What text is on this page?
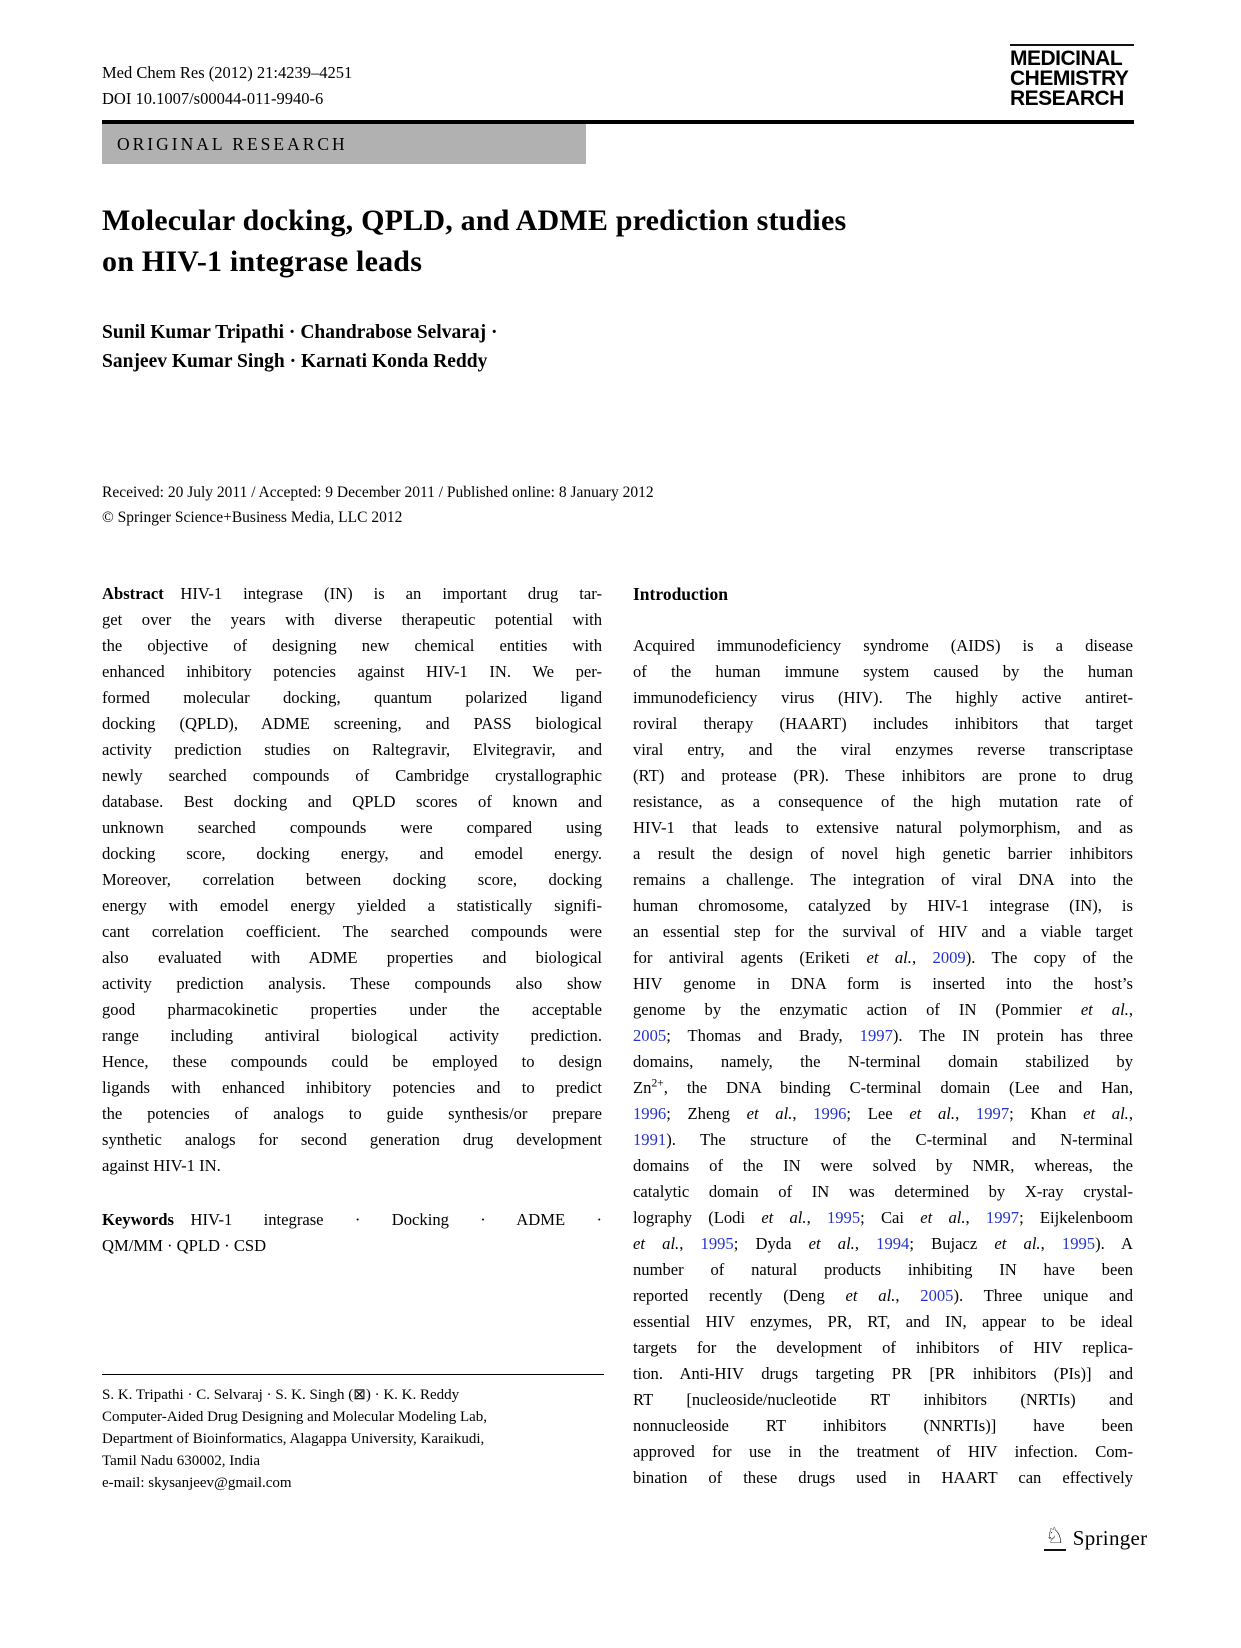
Med Chem Res (2012) 21:4239–4251
DOI 10.1007/s00044-011-9940-6
MEDICINAL
CHEMISTRY
RESEARCH
ORIGINAL RESEARCH
Molecular docking, QPLD, and ADME prediction studies
on HIV-1 integrase leads
Sunil Kumar Tripathi · Chandrabose Selvaraj ·
Sanjeev Kumar Singh · Karnati Konda Reddy
Received: 20 July 2011 / Accepted: 9 December 2011 / Published online: 8 January 2012
© Springer Science+Business Media, LLC 2012
Abstract HIV-1 integrase (IN) is an important drug tar-
get over the years with diverse therapeutic potential with
the objective of designing new chemical entities with
enhanced inhibitory potencies against HIV-1 IN. We per-
formed molecular docking, quantum polarized ligand
docking (QPLD), ADME screening, and PASS biological
activity prediction studies on Raltegravir, Elvitegravir, and
newly searched compounds of Cambridge crystallographic
database. Best docking and QPLD scores of known and
unknown searched compounds were compared using
docking score, docking energy, and emodel energy.
Moreover, correlation between docking score, docking
energy with emodel energy yielded a statistically signifi-
cant correlation coefficient. The searched compounds were
also evaluated with ADME properties and biological
activity prediction analysis. These compounds also show
good pharmacokinetic properties under the acceptable
range including antiviral biological activity prediction.
Hence, these compounds could be employed to design
ligands with enhanced inhibitory potencies and to predict
the potencies of analogs to guide synthesis/or prepare
synthetic analogs for second generation drug development
against HIV-1 IN.
Keywords HIV-1 integrase · Docking · ADME ·
QM/MM · QPLD · CSD
Introduction
Acquired immunodeficiency syndrome (AIDS) is a disease
of the human immune system caused by the human
immunodeficiency virus (HIV). The highly active antiret-
roviral therapy (HAART) includes inhibitors that target
viral entry, and the viral enzymes reverse transcriptase
(RT) and protease (PR). These inhibitors are prone to drug
resistance, as a consequence of the high mutation rate of
HIV-1 that leads to extensive natural polymorphism, and as
a result the design of novel high genetic barrier inhibitors
remains a challenge. The integration of viral DNA into the
human chromosome, catalyzed by HIV-1 integrase (IN), is
an essential step for the survival of HIV and a viable target
for antiviral agents (Eriketi et al., 2009). The copy of the
HIV genome in DNA form is inserted into the host’s
genome by the enzymatic action of IN (Pommier et al.,
2005; Thomas and Brady, 1997). The IN protein has three
domains, namely, the N-terminal domain stabilized by
$Zn^{2+}$, the DNA binding C-terminal domain (Lee and Han,
1996; Zheng et al., 1996; Lee et al., 1997; Khan et al.,
1991). The structure of the C-terminal and N-terminal
domains of the IN were solved by NMR, whereas, the
catalytic domain of IN was determined by X-ray crystal-
lography (Lodi et al., 1995; Cai et al., 1997; Eijkelenboom
et al., 1995; Dyda et al., 1994; Bujacz et al., 1995). A
number of natural products inhibiting IN have been
reported recently (Deng et al., 2005). Three unique and
essential HIV enzymes, PR, RT, and IN, appear to be ideal
targets for the development of inhibitors of HIV replica-
tion. Anti-HIV drugs targeting PR [PR inhibitors (PIs)] and
RT [nucleoside/nucleotide RT inhibitors (NRTIs) and
nonnucleoside RT inhibitors (NNRTIs)] have been
approved for use in the treatment of HIV infection. Com-
bination of these drugs used in HAART can effectively
S. K. Tripathi · C. Selvaraj · S. K. Singh (⊠) · K. K. Reddy
Computer-Aided Drug Designing and Molecular Modeling Lab,
Department of Bioinformatics, Alagappa University, Karaikudi,
Tamil Nadu 630002, India
e-mail: skysanjeev@gmail.com
♘ Springer
